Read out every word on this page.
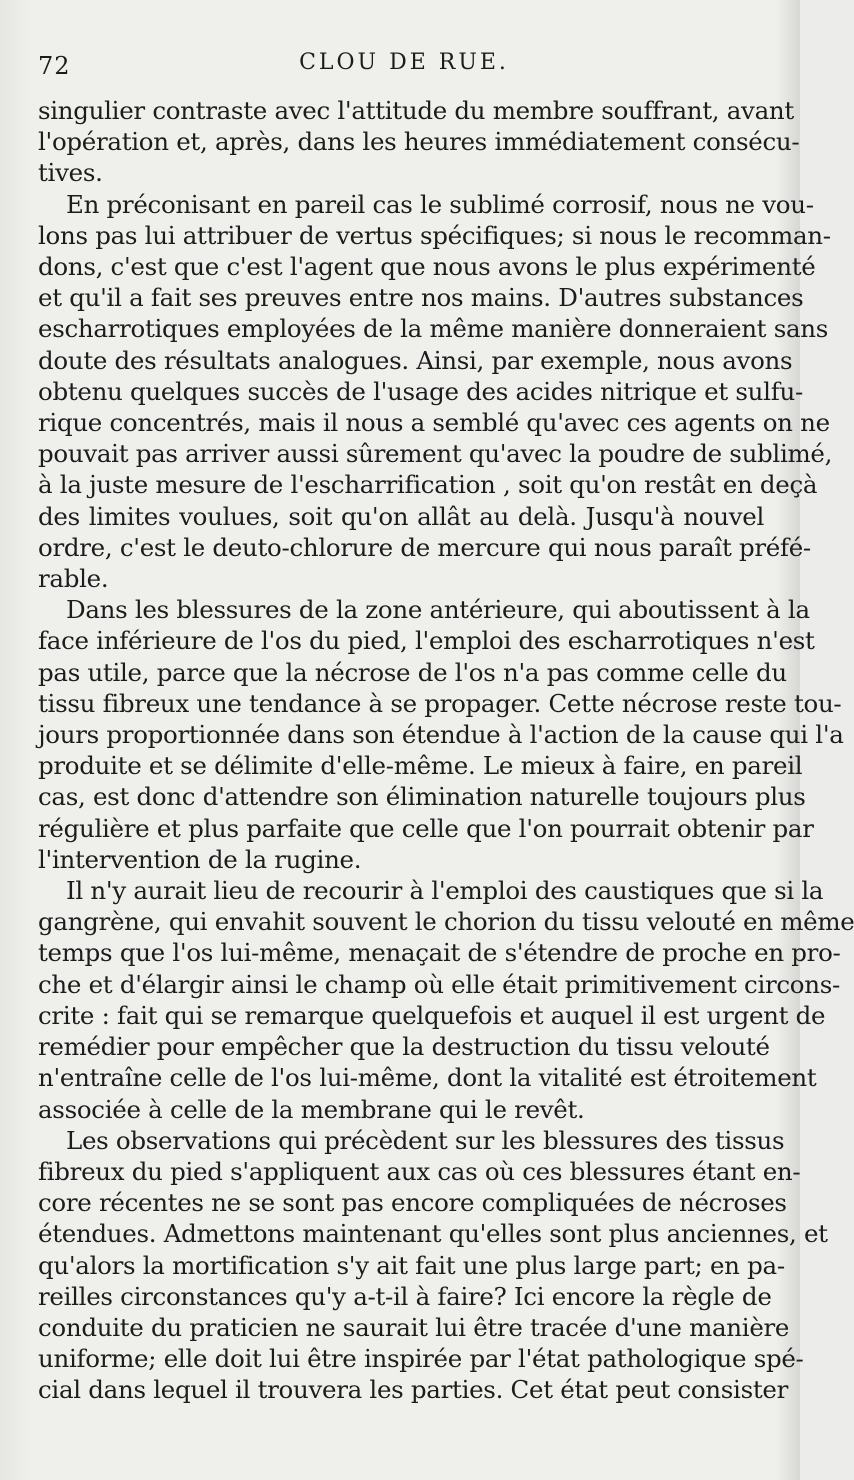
72	CLOU DE RUE.
singulier contraste avec l'attitude du membre souffrant, avant
l'opération et, après, dans les heures immédiatement consécu-
tives.
En préconisant en pareil cas le sublimé corrosif, nous ne vou-
lons pas lui attribuer de vertus spécifiques; si nous le recomman-
dons, c'est que c'est l'agent que nous avons le plus expérimenté
et qu'il a fait ses preuves entre nos mains. D'autres substances
escharrotiques employées de la même manière donneraient sans
doute des résultats analogues. Ainsi, par exemple, nous avons
obtenu quelques succès de l'usage des acides nitrique et sulfu-
rique concentrés, mais il nous a semblé qu'avec ces agents on ne
pouvait pas arriver aussi sûrement qu'avec la poudre de sublimé,
à la juste mesure de l'escharrification , soit qu'on restât en deçà
des limites voulues, soit qu'on allât au delà. Jusqu'à nouvel
ordre, c'est le deuto-chlorure de mercure qui nous paraît préfé-
rable.
Dans les blessures de la zone antérieure, qui aboutissent à la
face inférieure de l'os du pied, l'emploi des escharrotiques n'est
pas utile, parce que la nécrose de l'os n'a pas comme celle du
tissu fibreux une tendance à se propager. Cette nécrose reste tou-
jours proportionnée dans son étendue à l'action de la cause qui l'a
produite et se délimite d'elle-même. Le mieux à faire, en pareil
cas, est donc d'attendre son élimination naturelle toujours plus
régulière et plus parfaite que celle que l'on pourrait obtenir par
l'intervention de la rugine.
Il n'y aurait lieu de recourir à l'emploi des caustiques que si la
gangrène, qui envahit souvent le chorion du tissu velouté en même
temps que l'os lui-même, menaçait de s'étendre de proche en pro-
che et d'élargir ainsi le champ où elle était primitivement circons-
crite : fait qui se remarque quelquefois et auquel il est urgent de
remédier pour empêcher que la destruction du tissu velouté
n'entraîne celle de l'os lui-même, dont la vitalité est étroitement
associée à celle de la membrane qui le revêt.
Les observations qui précèdent sur les blessures des tissus
fibreux du pied s'appliquent aux cas où ces blessures étant en-
core récentes ne se sont pas encore compliquées de nécroses
étendues. Admettons maintenant qu'elles sont plus anciennes, et
qu'alors la mortification s'y ait fait une plus large part; en pa-
reilles circonstances qu'y a-t-il à faire? Ici encore la règle de
conduite du praticien ne saurait lui être tracée d'une manière
uniforme; elle doit lui être inspirée par l'état pathologique spé-
cial dans lequel il trouvera les parties. Cet état peut consister
